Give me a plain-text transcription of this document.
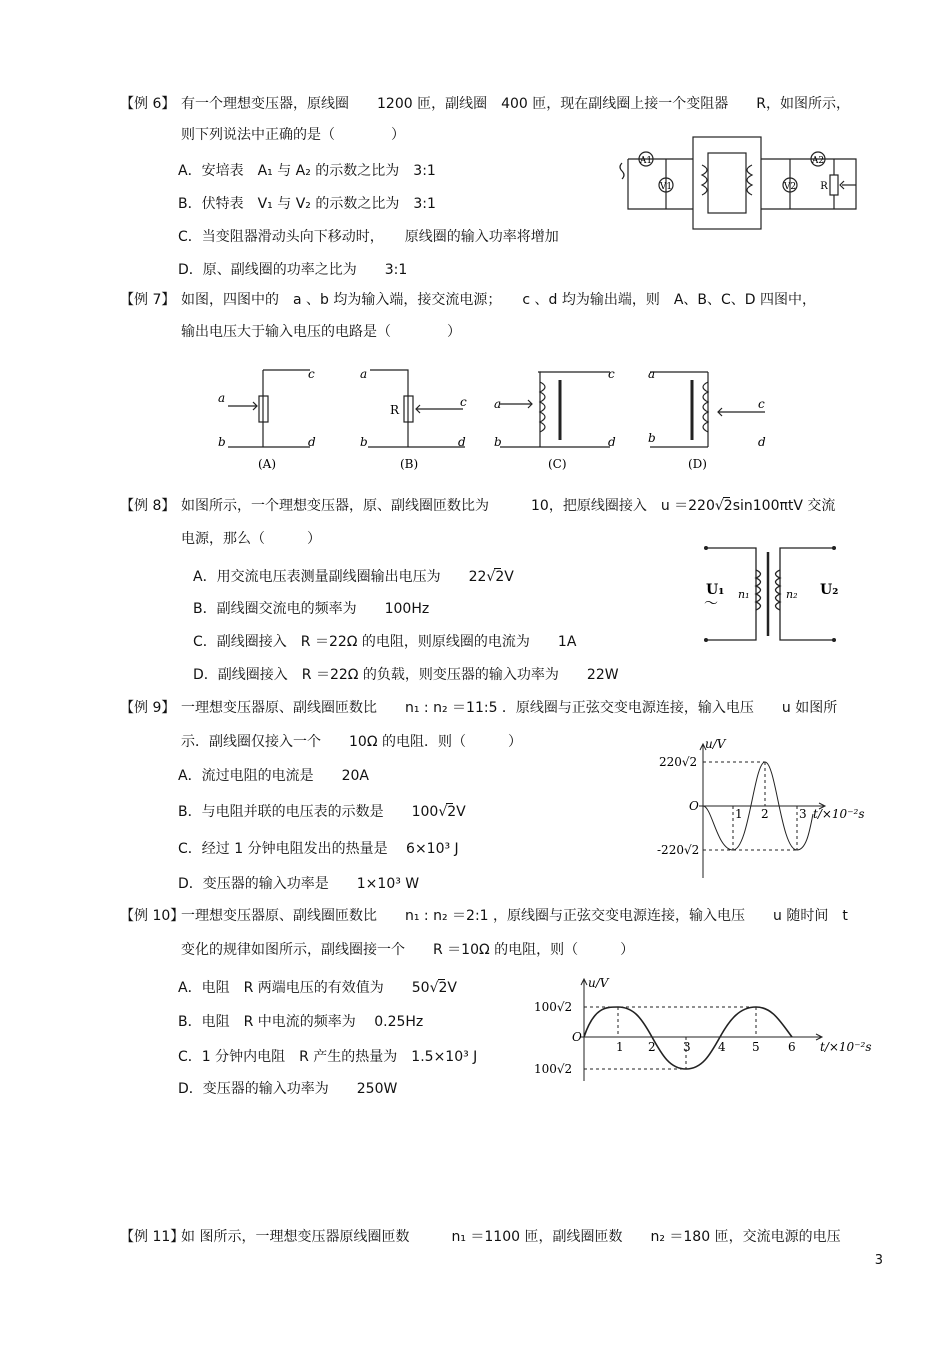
【例 6】 有一个理想变压器，原线圈　　1200 匝，副线圈　400 匝，现在副线圈上接一个变阻器　　R，如图所示，
则下列说法中正确的是（　　　　）
A．安培表　A₁ 与 A₂ 的示数之比为　3:1
B．伏特表　V₁ 与 V₂ 的示数之比为　3:1
C．当变阻器滑动头向下移动时，　　原线圈的输入功率将增加
D．原、副线圈的功率之比为　　3:1
A1
V1	V2
A2
R
【例 7】 如图，四图中的　a 、b 均为输入端，接交流电源；　　c 、d 均为输出端，则　A、B、C、D 四图中，
输出电压大于输入电压的电路是（　　　　）
a
b
c
d
a
b
c
d
R	a
b
c
d
a
b
c
d
(A)	(B)	(C)	(D)
【例 8】 如图所示，一个理想变压器，原、副线圈匝数比为	10，把原线圈接入　u ＝220√2sin100πtV 交流
电源，那么（　　　）
A．用交流电压表测量副线圈输出电压为　　22√2V
B．副线圈交流电的频率为　　100Hz
C．副线圈接入　R ＝22Ω 的电阻，则原线圈的电流为　　1A
D．副线圈接入　R ＝22Ω 的负载，则变压器的输入功率为　　22W
U₁
～
n₁	n₂ U₂
【例 9】 一理想变压器原、副线圈匝数比　　n₁ : n₂ ＝11:5 ．原线圈与正弦交变电源连接，输入电压　　u 如图所
示．副线圈仅接入一个　　10Ω 的电阻．则（　　　）
A．流过电阻的电流是　　20A
B．与电阻并联的电压表的示数是　　100√2V
C．经过 1 分钟电阻发出的热量是　 6×10³ J
D．变压器的输入功率是　　1×10³ W
u/V
220√2
-220√2
O
1 2	3 t/×10⁻²s
【例 10】
一理想变压器原、副线圈匝数比　　n₁ : n₂ ＝2:1 ，原线圈与正弦交变电源连接，输入电压　　u 随时间　t
变化的规律如图所示，副线圈接一个　　R ＝10Ω 的电阻，则（　　　）
A．电阻　R 两端电压的有效值为　　50√2V
B．电阻　R 中电流的频率为　 0.25Hz
C．1 分钟内电阻　R 产生的热量为　1.5×10³ J
D．变压器的输入功率为　　250W
u/V
100√2
100√2
O
1 2 3 4 5 6 t/×10⁻²s
【例 11】
如 图所示，一理想变压器原线圈匝数　　　n₁ ＝1100 匝，副线圈匝数　　n₂ ＝180 匝，交流电源的电压
3
